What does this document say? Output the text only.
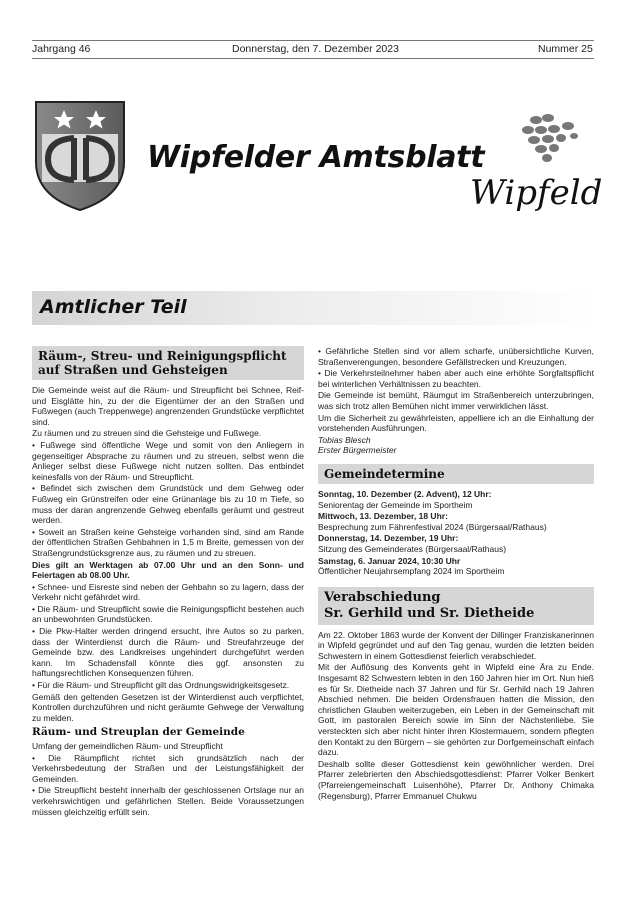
Jahrgang 46	Donnerstag, den 7. Dezember 2023	Nummer 25
Wipfelder Amtsblatt
Wipfeld
Amtlicher Teil
Räum-, Streu- und Reinigungspflicht
auf Straßen und Gehsteigen

Die Gemeinde weist auf die Räum- und Streupflicht bei Schnee, Reif- und Eisglätte hin, zu der die Eigentümer der an den Straßen und Fußwegen (auch Treppenwege) angrenzenden Grundstücke verpflichtet sind.

Zu räumen und zu streuen sind die Gehsteige und Fußwege.

• Fußwege sind öffentliche Wege und somit von den Anliegern in gegenseitiger Absprache zu räumen und zu streuen, selbst wenn die Anlieger selbst diese Fußwege nicht nutzen sollten. Das entbindet keinesfalls von der Räum- und Streupflicht.

• Befindet sich zwischen dem Grundstück und dem Gehweg oder Fußweg ein Grünstreifen oder eine Grünanlage bis zu 10 m Tiefe, so muss der daran angrenzende Gehweg ebenfalls geräumt und gestreut werden.

• Soweit an Straßen keine Gehsteige vorhanden sind, sind am Rande der öffentlichen Straßen Gehbahnen in 1,5 m Breite, gemessen von der Straßengrundstücksgrenze aus, zu räumen und zu streuen.

Dies gilt an Werktagen ab 07.00 Uhr und an den Sonn- und Feiertagen ab 08.00 Uhr.

• Schnee- und Eisreste sind neben der Gehbahn so zu lagern, dass der Verkehr nicht gefährdet wird.

• Die Räum- und Streupflicht sowie die Reinigungspflicht bestehen auch an unbewohnten Grundstücken.

• Die Pkw-Halter werden dringend ersucht, ihre Autos so zu parken, dass der Winterdienst durch die Räum- und Streufahrzeuge der Gemeinde bzw. des Landkreises ungehindert durchgeführt werden kann. Im Schadensfall könnte dies ggf. ansonsten zu haftungsrechtlichen Konsequenzen führen.

• Für die Räum- und Streupflicht gilt das Ordnungswidrigkeitsgesetz.

Gemäß den geltenden Gesetzen ist der Winterdienst auch verpflichtet, Kontrollen durchzuführen und nicht geräumte Gehwege der Verwaltung zu melden.

Räum- und Streuplan der Gemeinde

Umfang der gemeindlichen Räum- und Streupflicht

• Die Räumpflicht richtet sich grundsätzlich nach der Verkehrsbedeutung der Straßen und der Leistungsfähigkeit der Gemeinden.

• Die Streupflicht besteht innerhalb der geschlossenen Ortslage nur an verkehrswichtigen und gefährlichen Stellen. Beide Voraussetzungen müssen gleichzeitig erfüllt sein.

• Gefährliche Stellen sind vor allem scharfe, unübersichtliche Kurven, Straßenverengungen, besondere Gefällstrecken und Kreuzungen.

• Die Verkehrsteilnehmer haben aber auch eine erhöhte Sorgfaltspflicht bei winterlichen Verhältnissen zu beachten.

Die Gemeinde ist bemüht, Räumgut im Straßenbereich unterzubringen, was sich trotz allen Bemühen nicht immer verwirklichen lässt.

Um die Sicherheit zu gewährleisten, appelliere ich an die Einhaltung der vorstehenden Ausführungen.

Tobias Blesch

Erster Bürgermeister

Gemeindetermine

Sonntag, 10. Dezember (2. Advent), 12 Uhr:

Seniorentag der Gemeinde im Sportheim

Mittwoch, 13. Dezember, 18 Uhr:

Besprechung zum Fährenfestival 2024 (Bürgersaal/Rathaus)

Donnerstag, 14. Dezember, 19 Uhr:

Sitzung des Gemeinderates (Bürgersaal/Rathaus)

Samstag, 6. Januar 2024, 10:30 Uhr

Öffentlicher Neujahrsempfang 2024 im Sportheim

Verabschiedung
Sr. Gerhild und Sr. Dietheide

Am 22. Oktober 1863 wurde der Konvent der Dillinger Franziskanerinnen in Wipfeld gegründet und auf den Tag genau, wurden die letzten beiden Schwestern in einem Gottesdienst feierlich verabschiedet.

Mit der Auflösung des Konvents geht in Wipfeld eine Ära zu Ende. Insgesamt 82 Schwestern lebten in den 160 Jahren hier im Ort. Nun hieß es für Sr. Dietheide nach 37 Jahren und für Sr. Gerhild nach 19 Jahren Abschied nehmen. Die beiden Ordensfrauen hatten die Mission, den christlichen Glauben weiterzugeben, ein Leben in der Gemeinschaft mit Gott, im pastoralen Bereich sowie im Sinn der Nächstenliebe. Sie versteckten sich aber nicht hinter ihren Klostermauern, sondern pflegten den Kontakt zu den Bürgern – sie gehörten zur Dorfgemeinschaft einfach dazu.

Deshalb sollte dieser Gottesdienst kein gewöhnlicher werden. Drei Pfarrer zelebrierten den Abschiedsgottesdienst: Pfarrer Volker Benkert (Pfarreiengemeinschaft Luisenhöhe), Pfarrer Dr. Anthony Chimaka (Regensburg), Pfarrer Emmanuel Chukwu
